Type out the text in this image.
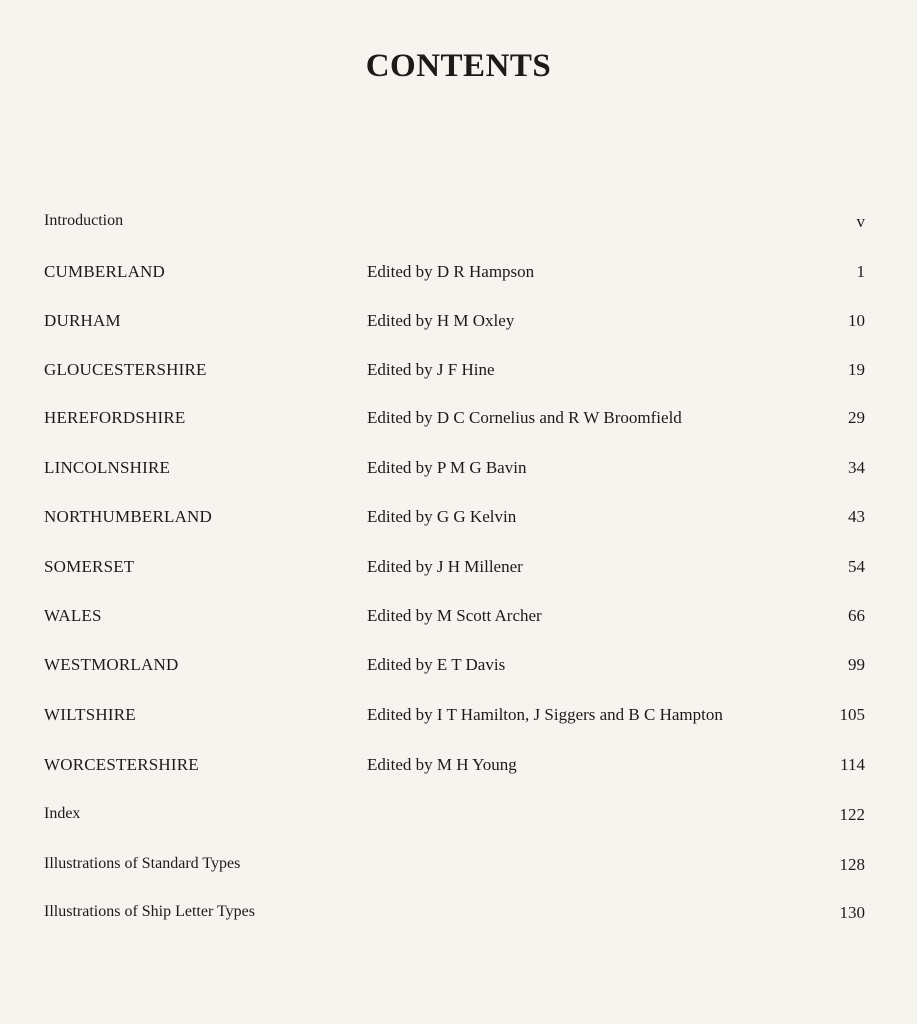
CONTENTS
Introduction	v
CUMBERLAND	Edited by D R Hampson	1
DURHAM	Edited by H M Oxley	10
GLOUCESTERSHIRE	Edited by J F Hine	19
HEREFORDSHIRE	Edited by D C Cornelius and R W Broomfield	29
LINCOLNSHIRE	Edited by P M G Bavin	34
NORTHUMBERLAND	Edited by G G Kelvin	43
SOMERSET	Edited by J H Millener	54
WALES	Edited by M Scott Archer	66
WESTMORLAND	Edited by E T Davis	99
WILTSHIRE	Edited by I T Hamilton, J Siggers and B C Hampton	105
WORCESTERSHIRE	Edited by M H Young	114
Index	122
Illustrations of Standard Types	128
Illustrations of Ship Letter Types	130
